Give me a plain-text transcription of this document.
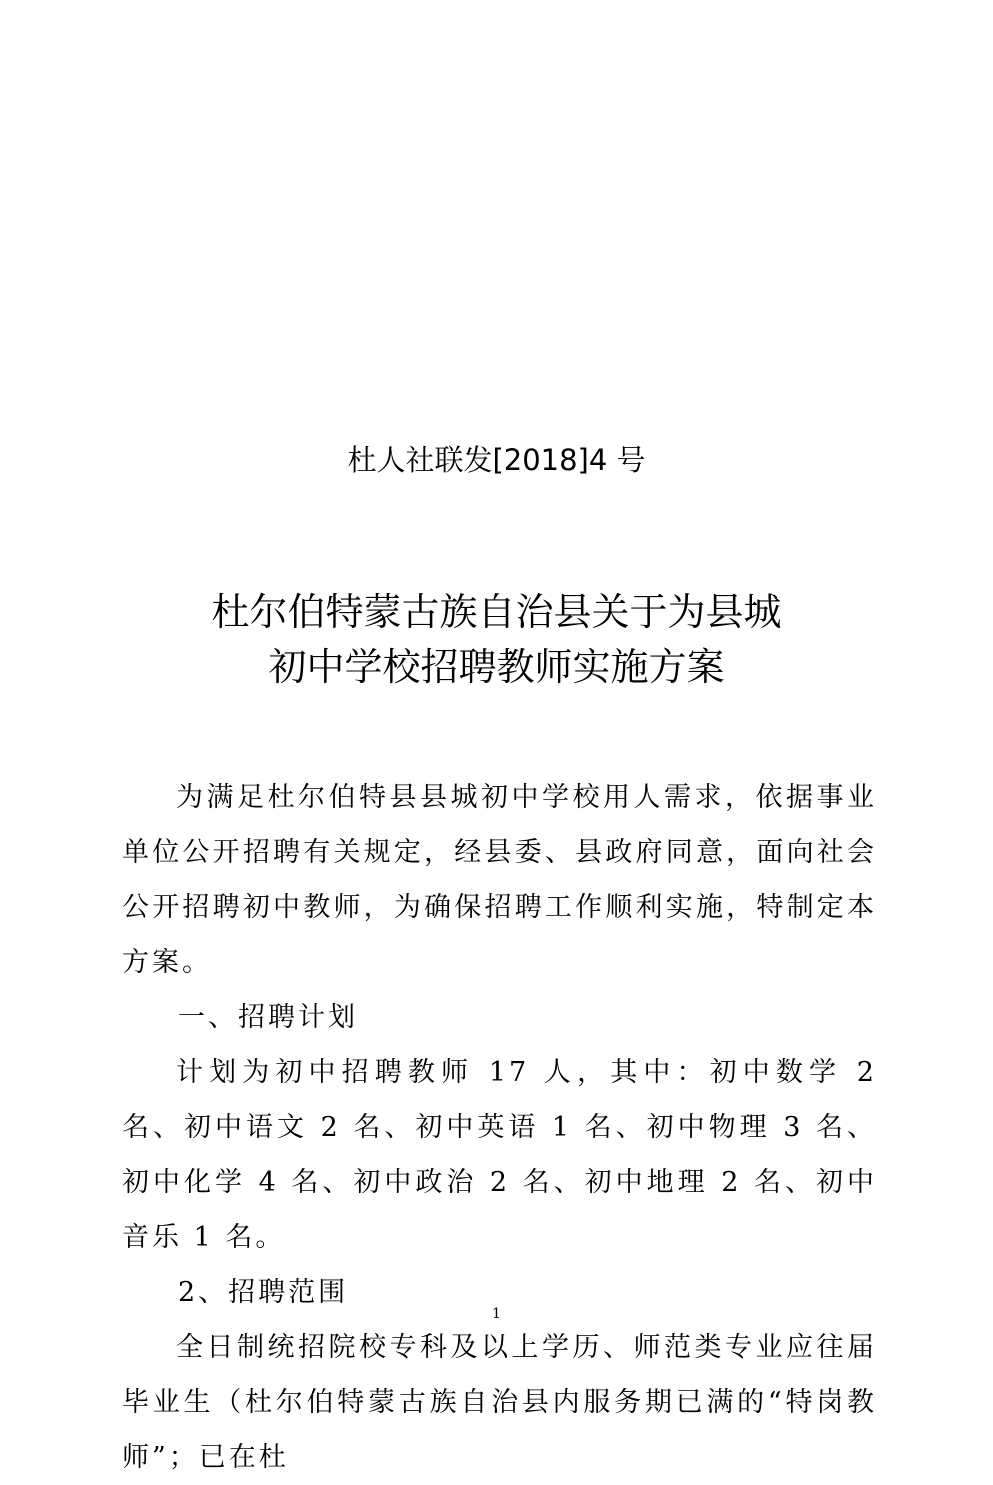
杜人社联发[2018]4 号

杜尔伯特蒙古族自治县关于为县城
初中学校招聘教师实施方案

为满足杜尔伯特县县城初中学校用人需求，依据事业单位公开招聘有关规定，经县委、县政府同意，面向社会公开招聘初中教师，为确保招聘工作顺利实施，特制定本方案。

一、招聘计划

计划为初中招聘教师 17 人，其中：初中数学 2 名、初中语文 2 名、初中英语 1 名、初中物理 3 名、初中化学 4 名、初中政治 2 名、初中地理 2 名、初中音乐 1 名。

2、招聘范围

全日制统招院校专科及以上学历、师范类专业应往届毕业生（杜尔伯特蒙古族自治县内服务期已满的“特岗教师”；已在杜

1
